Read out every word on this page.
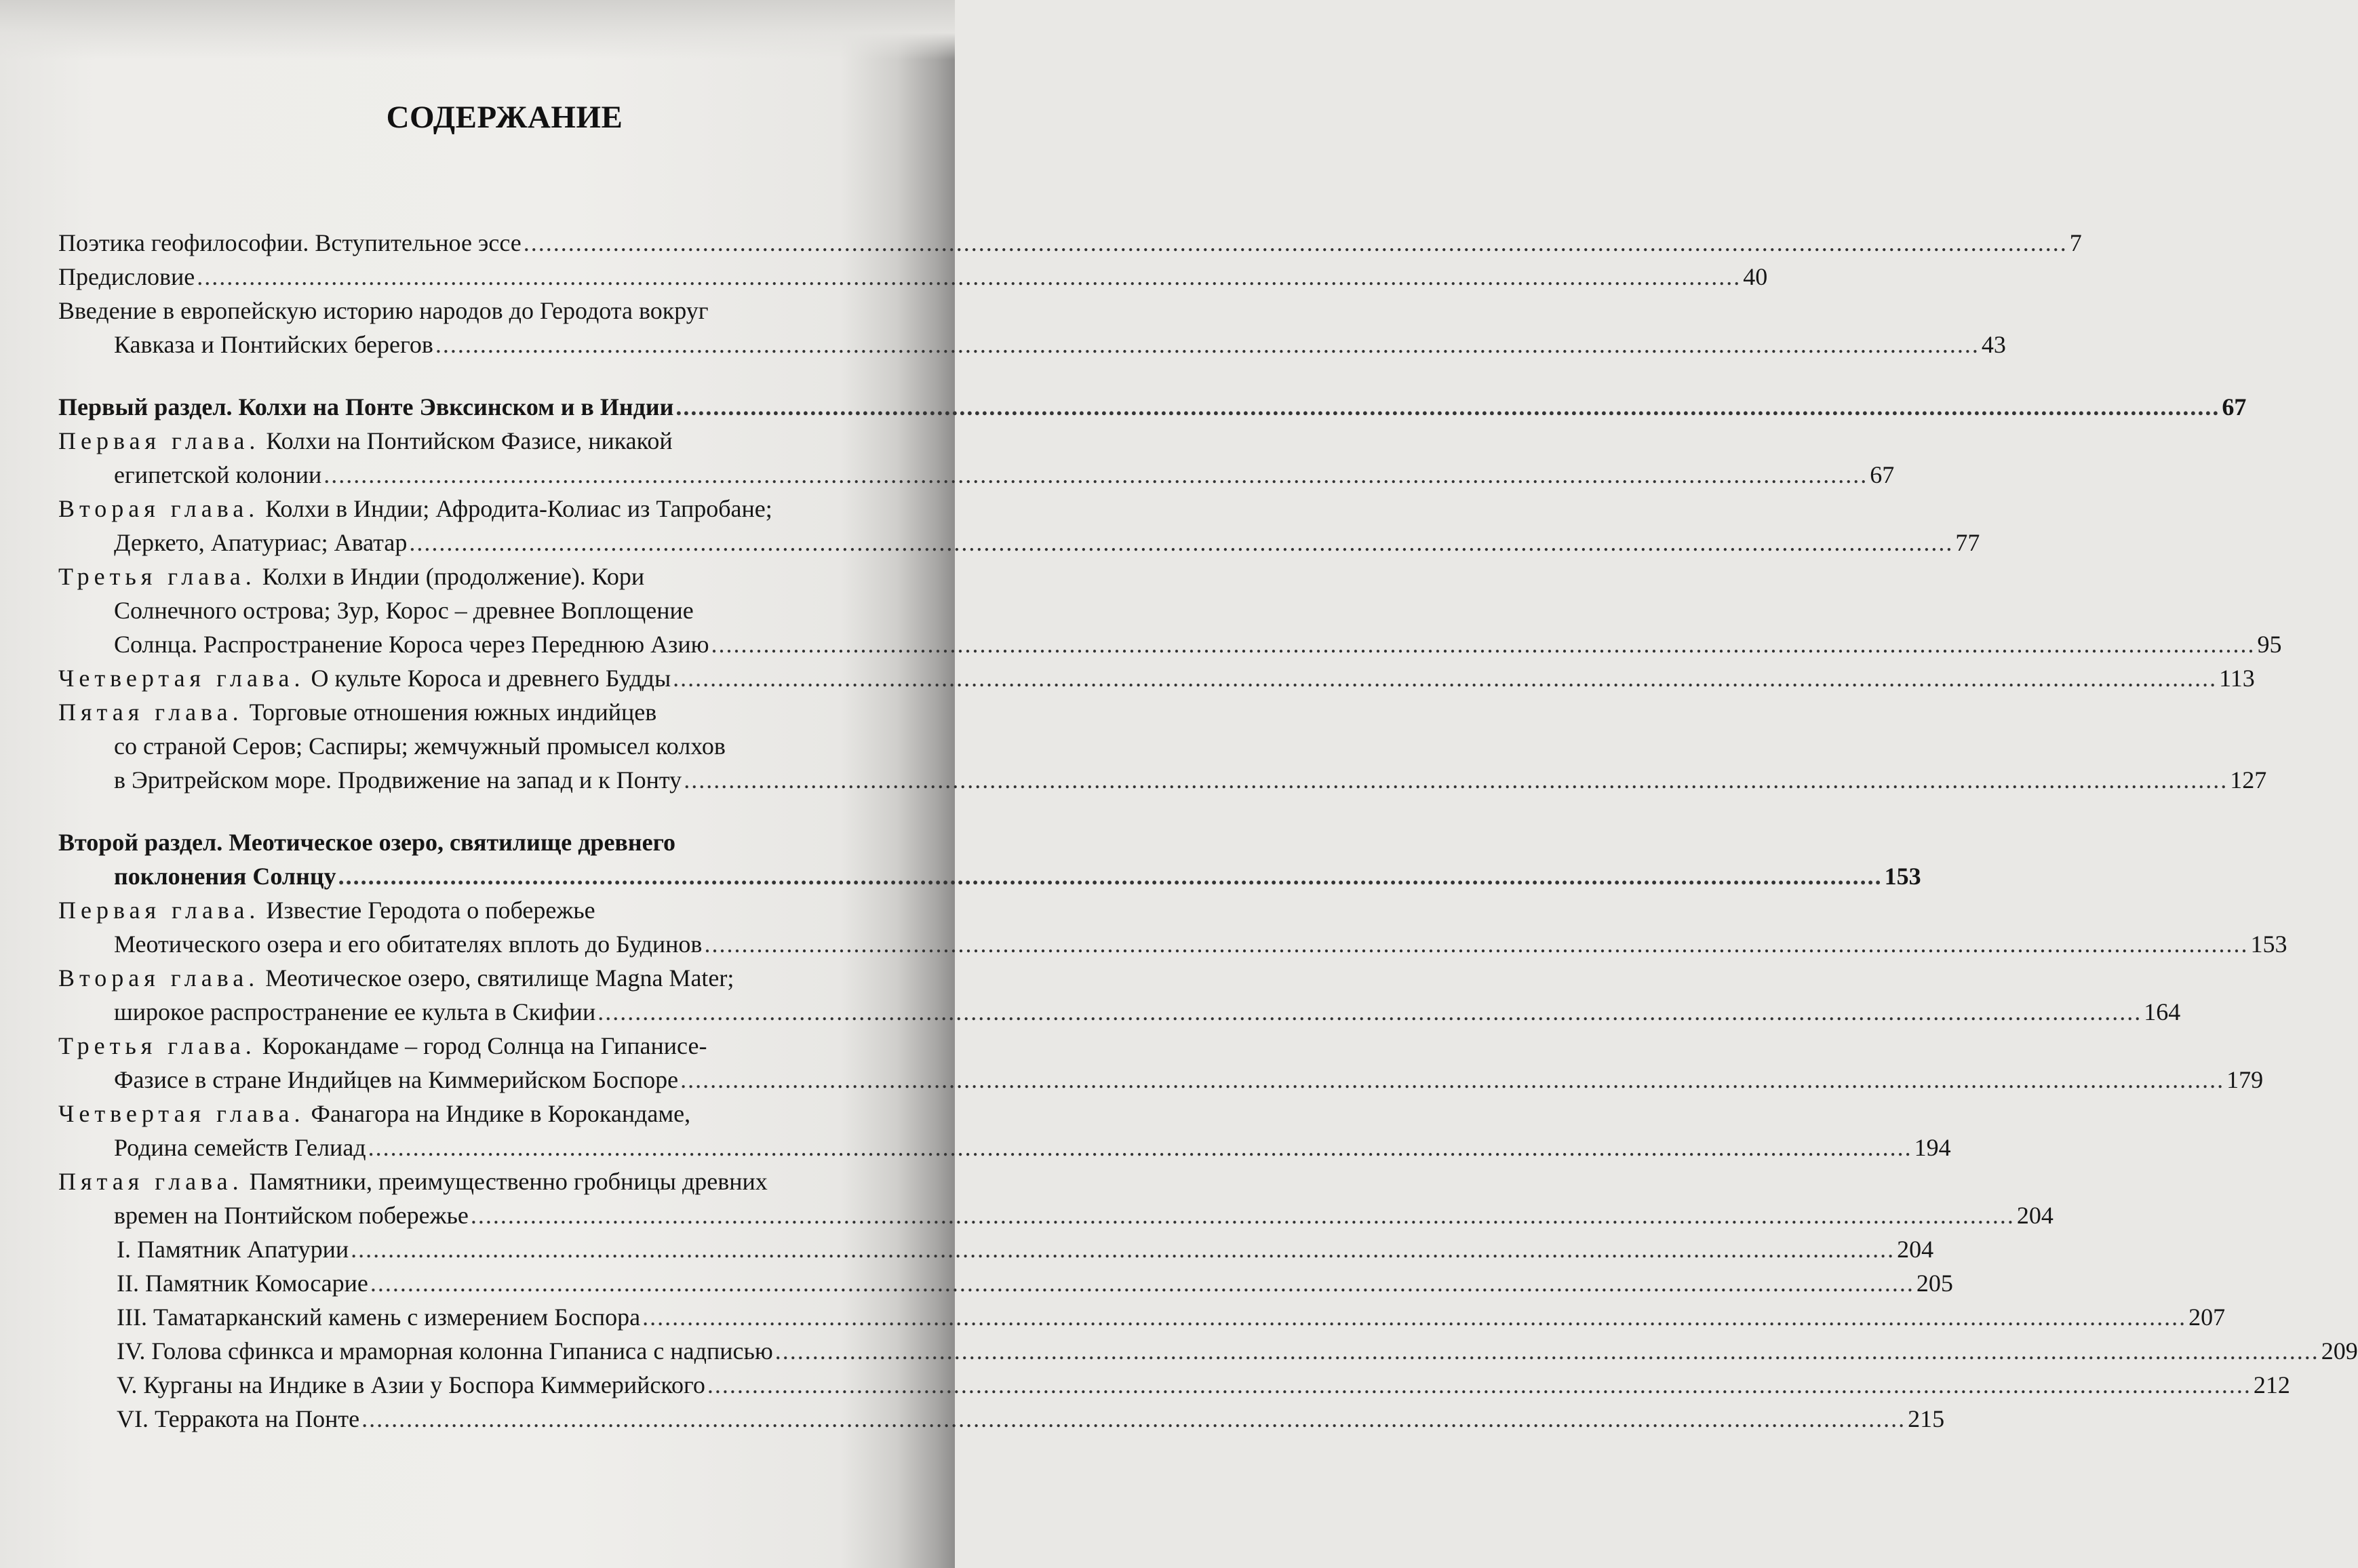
СОДЕРЖАНИЕ
Поэтика геофилософии. Вступительное эссе ............................................................................................................................................................................................................... 7
Предисловие ............................................................................................................................................................................................................... 40
Введение в европейскую историю народов до Геродота вокруг
Кавказа и Понтийских берегов ............................................................................................................................................................................................................... 43
Первый раздел. Колхи на Понте Эвксинском и в Индии ............................................................................................................................................................................................................... 67
Первая глава. Колхи на Понтийском Фазисе, никакой
египетской колонии ............................................................................................................................................................................................................... 67
Вторая глава. Колхи в Индии; Афродита-Колиас из Тапробане;
Деркето, Апатуриас; Аватар ............................................................................................................................................................................................................... 77
Третья глава. Колхи в Индии (продолжение). Кори
Солнечного острова; Зур, Корос – древнее Воплощение
Солнца. Распространение Короса через Переднюю Азию ............................................................................................................................................................................................................... 95
Четвертая глава. О культе Короса и древнего Будды ............................................................................................................................................................................................................... 113
Пятая глава. Торговые отношения южных индийцев
со страной Серов; Саспиры; жемчужный промысел колхов
в Эритрейском море. Продвижение на запад и к Понту ............................................................................................................................................................................................................... 127
Второй раздел. Меотическое озеро, святилище древнего
поклонения Солнцу ............................................................................................................................................................................................................... 153
Первая глава. Известие Геродота о побережье
Меотического озера и его обитателях вплоть до Будинов ............................................................................................................................................................................................................... 153
Вторая глава. Меотическое озеро, святилище Magna Mater;
широкое распространение ее культа в Скифии ............................................................................................................................................................................................................... 164
Третья глава. Корокандаме – город Солнца на Гипанисе-
Фазисе в стране Индийцев на Киммерийском Боспоре ............................................................................................................................................................................................................... 179
Четвертая глава. Фанагора на Индике в Корокандаме,
Родина семейств Гелиад ............................................................................................................................................................................................................... 194
Пятая глава. Памятники, преимущественно гробницы древних
времен на Понтийском побережье ............................................................................................................................................................................................................... 204
I. Памятник Апатурии ............................................................................................................................................................................................................... 204
II. Памятник Комосарие ............................................................................................................................................................................................................... 205
III. Таматарканский камень с измерением Боспора ............................................................................................................................................................................................................... 207
IV. Голова сфинкса и мраморная колонна Гипаниса с надписью ............................................................................................................................................................................................................... 209
V. Курганы на Индике в Азии у Боспора Киммерийского ............................................................................................................................................................................................................... 212
VI. Терракота на Понте ............................................................................................................................................................................................................... 215
